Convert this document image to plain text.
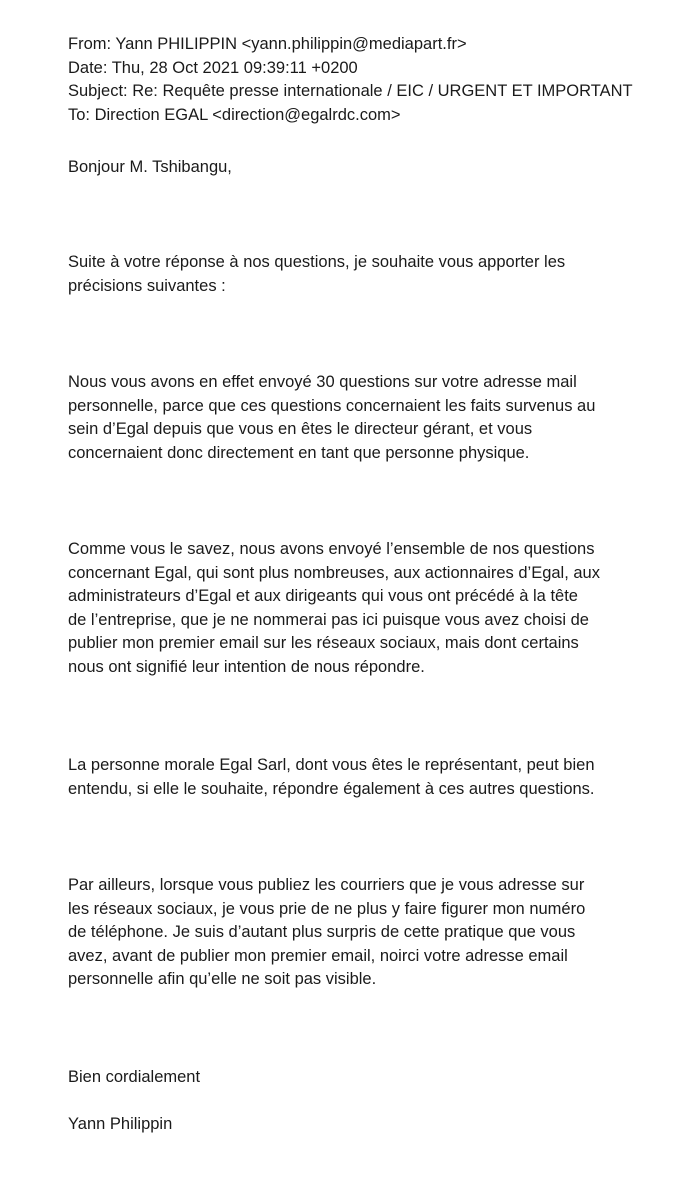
From: Yann PHILIPPIN <yann.philippin@mediapart.fr>
Date: Thu, 28 Oct 2021 09:39:11 +0200
Subject: Re: Requête presse internationale / EIC / URGENT ET IMPORTANT
To: Direction EGAL <direction@egalrdc.com>
Bonjour M. Tshibangu,
Suite à votre réponse à nos questions, je souhaite vous apporter les
précisions suivantes :
Nous vous avons en effet envoyé 30 questions sur votre adresse mail
personnelle, parce que ces questions concernaient les faits survenus au
sein d’Egal depuis que vous en êtes le directeur gérant, et vous
concernaient donc directement en tant que personne physique.
Comme vous le savez, nous avons envoyé l’ensemble de nos questions
concernant Egal, qui sont plus nombreuses, aux actionnaires d’Egal, aux
administrateurs d’Egal et aux dirigeants qui vous ont précédé à la tête
de l’entreprise, que je ne nommerai pas ici puisque vous avez choisi de
publier mon premier email sur les réseaux sociaux, mais dont certains
nous ont signifié leur intention de nous répondre.
La personne morale Egal Sarl, dont vous êtes le représentant, peut bien
entendu, si elle le souhaite, répondre également à ces autres questions.
Par ailleurs, lorsque vous publiez les courriers que je vous adresse sur
les réseaux sociaux, je vous prie de ne plus y faire figurer mon numéro
de téléphone. Je suis d’autant plus surpris de cette pratique que vous
avez, avant de publier mon premier email, noirci votre adresse email
personnelle afin qu’elle ne soit pas visible.
Bien cordialement
Yann Philippin
